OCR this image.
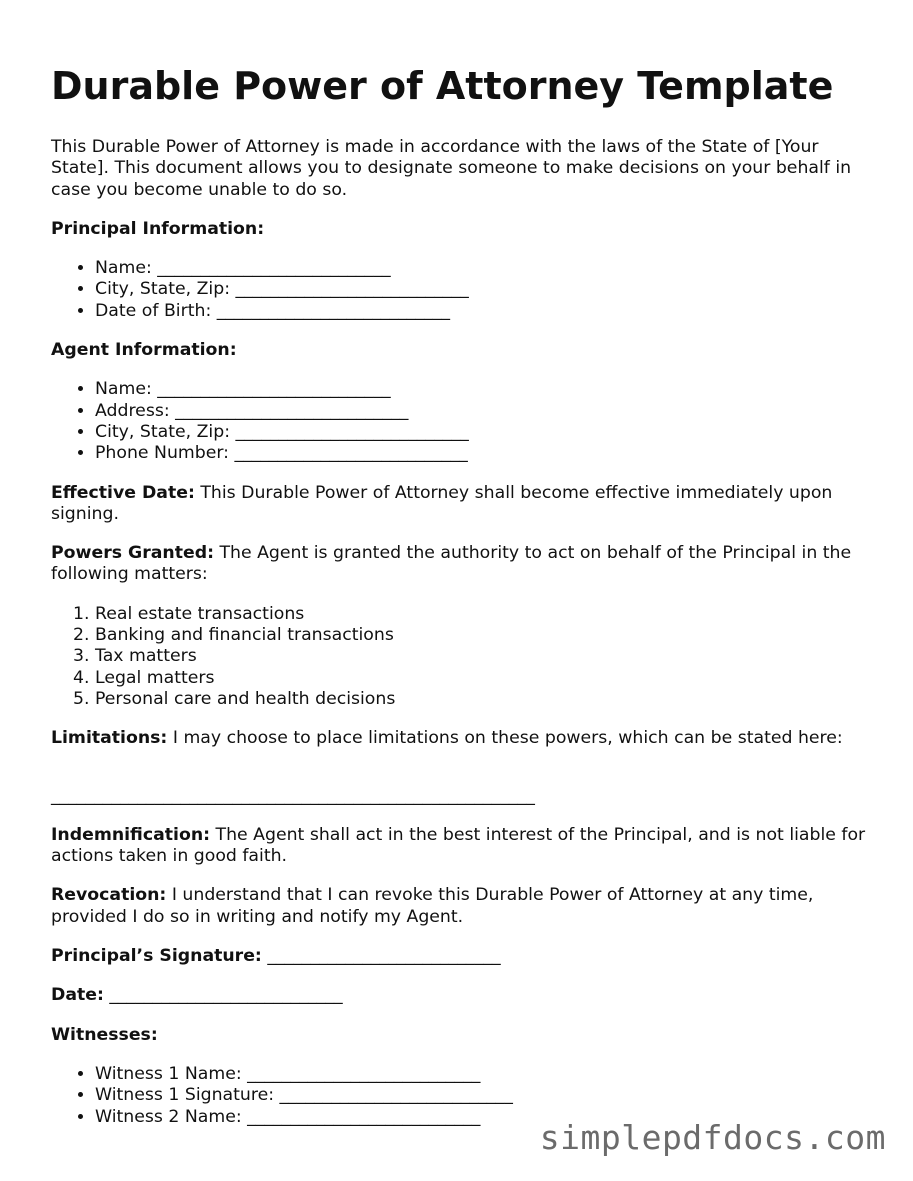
Durable Power of Attorney Template

This Durable Power of Attorney is made in accordance with the laws of the State of [Your State]. This document allows you to designate someone to make decisions on your behalf in case you become unable to do so.

Principal Information:

• Name: ___________________________
• City, State, Zip: ___________________________
• Date of Birth: ___________________________

Agent Information:

• Name: ___________________________
• Address: ___________________________
• City, State, Zip: ___________________________
• Phone Number: ___________________________

Effective Date: This Durable Power of Attorney shall become effective immediately upon signing.

Powers Granted: The Agent is granted the authority to act on behalf of the Principal in the following matters:

1. Real estate transactions
2. Banking and financial transactions
3. Tax matters
4. Legal matters
5. Personal care and health decisions

Limitations: I may choose to place limitations on these powers, which can be stated here:

________________________________________________________

Indemnification: The Agent shall act in the best interest of the Principal, and is not liable for actions taken in good faith.

Revocation: I understand that I can revoke this Durable Power of Attorney at any time, provided I do so in writing and notify my Agent.

Principal’s Signature: ___________________________

Date: ___________________________

Witnesses:

• Witness 1 Name: ___________________________
• Witness 1 Signature: ___________________________
• Witness 2 Name: ___________________________
simplepdfdocs.com
